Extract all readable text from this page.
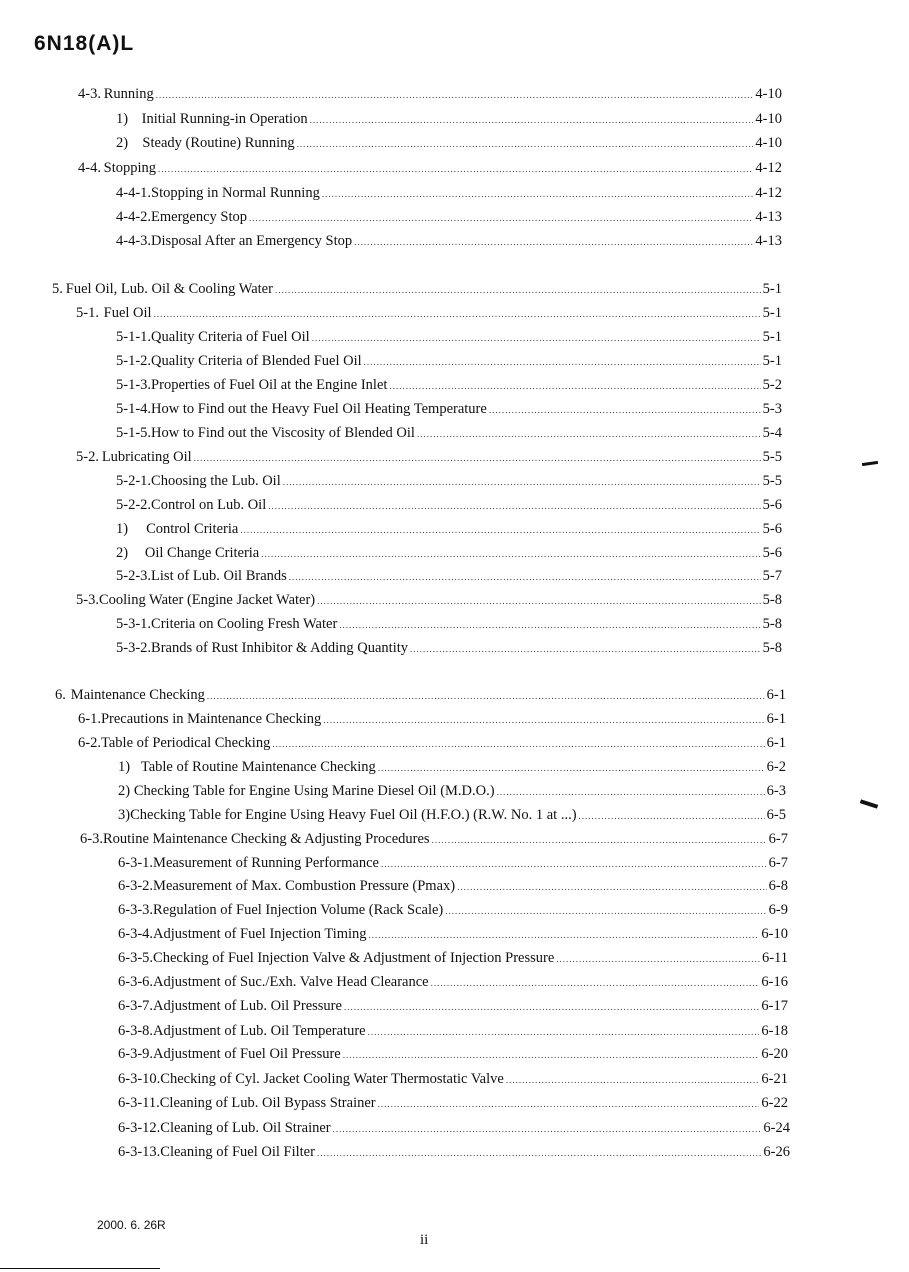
6N18(A)L
4-3. Running .....	4-10
1) Initial Running-in Operation .....	4-10
2) Steady (Routine) Running .....	4-10
4-4. Stopping .....	4-12
4-4-1. Stopping in Normal Running .....	4-12
4-4-2. Emergency Stop .....	4-13
4-4-3. Disposal After an Emergency Stop .....	4-13
5. Fuel Oil, Lub. Oil & Cooling Water .....	5-1
5-1. Fuel Oil .....	5-1
5-1-1. Quality Criteria of Fuel Oil .....	5-1
5-1-2. Quality Criteria of Blended Fuel Oil .....	5-1
5-1-3. Properties of Fuel Oil at the Engine Inlet .....	5-2
5-1-4. How to Find out the Heavy Fuel Oil Heating Temperature .....	5-3
5-1-5. How to Find out the Viscosity of Blended Oil .....	5-4
5-2. Lubricating Oil .....	5-5
5-2-1. Choosing the Lub. Oil .....	5-5
5-2-2. Control on Lub. Oil .....	5-6
1)	Control Criteria .....	5-6
2)	Oil Change Criteria .....	5-6
5-2-3. List of Lub. Oil Brands .....	5-7
5-3. Cooling Water (Engine Jacket Water) .....	5-8
5-3-1. Criteria on Cooling Fresh Water .....	5-8
5-3-2. Brands of Rust Inhibitor & Adding Quantity .....	5-8
6. Maintenance Checking .....	6-1
6-1. Precautions in Maintenance Checking .....	6-1
6-2. Table of Periodical Checking .....	6-1
1) Table of Routine Maintenance Checking .....	6-2
2) Checking Table for Engine Using Marine Diesel Oil (M.D.O.) .....	6-3
3) Checking Table for Engine Using Heavy Fuel Oil (H.F.O.) (R.W. No. 1 at ...) .....	6-5
6-3. Routine Maintenance Checking & Adjusting Procedures .....	6-7
6-3-1. Measurement of Running Performance .....	6-7
6-3-2. Measurement of Max. Combustion Pressure (Pmax) .....	6-8
6-3-3. Regulation of Fuel Injection Volume (Rack Scale) .....	6-9
6-3-4. Adjustment of Fuel Injection Timing .....	6-10
6-3-5. Checking of Fuel Injection Valve & Adjustment of Injection Pressure .....	6-11
6-3-6. Adjustment of Suc./Exh. Valve Head Clearance .....	6-16
6-3-7. Adjustment of Lub. Oil Pressure .....	6-17
6-3-8. Adjustment of Lub. Oil Temperature .....	6-18
6-3-9. Adjustment of Fuel Oil Pressure .....	6-20
6-3-10. Checking of Cyl. Jacket Cooling Water Thermostatic Valve .....	6-21
6-3-11. Cleaning of Lub. Oil Bypass Strainer .....	6-22
6-3-12. Cleaning of Lub. Oil Strainer .....	6-24
6-3-13. Cleaning of Fuel Oil Filter .....	6-26
2000. 6. 26R
ii
